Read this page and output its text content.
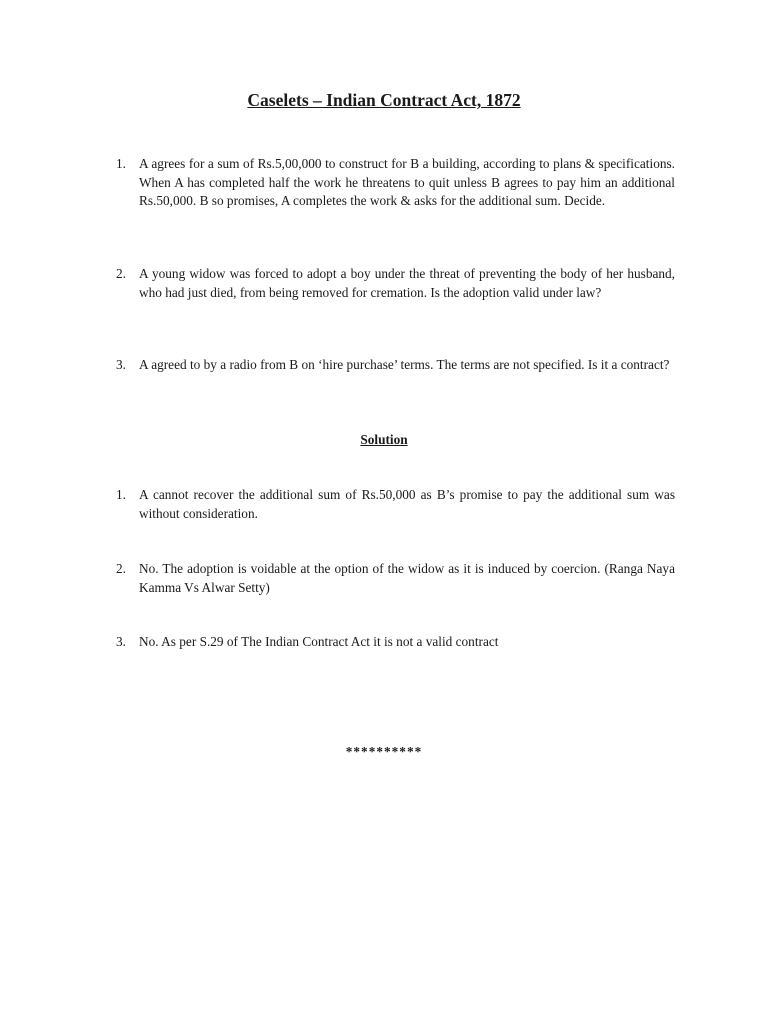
Caselets – Indian Contract Act, 1872
1. A agrees for a sum of Rs.5,00,000 to construct for B a building, according to plans & specifications. When A has completed half the work he threatens to quit unless B agrees to pay him an additional Rs.50,000. B so promises, A completes the work & asks for the additional sum. Decide.
2. A young widow was forced to adopt a boy under the threat of preventing the body of her husband, who had just died, from being removed for cremation. Is the adoption valid under law?
3. A agreed to by a radio from B on ‘hire purchase’ terms. The terms are not specified. Is it a contract?
Solution
1. A cannot recover the additional sum of Rs.50,000 as B’s promise to pay the additional sum was without consideration.
2. No. The adoption is voidable at the option of the widow as it is induced by coercion. (Ranga Naya Kamma Vs Alwar Setty)
3. No. As per S.29 of The Indian Contract Act it is not a valid contract
**********
